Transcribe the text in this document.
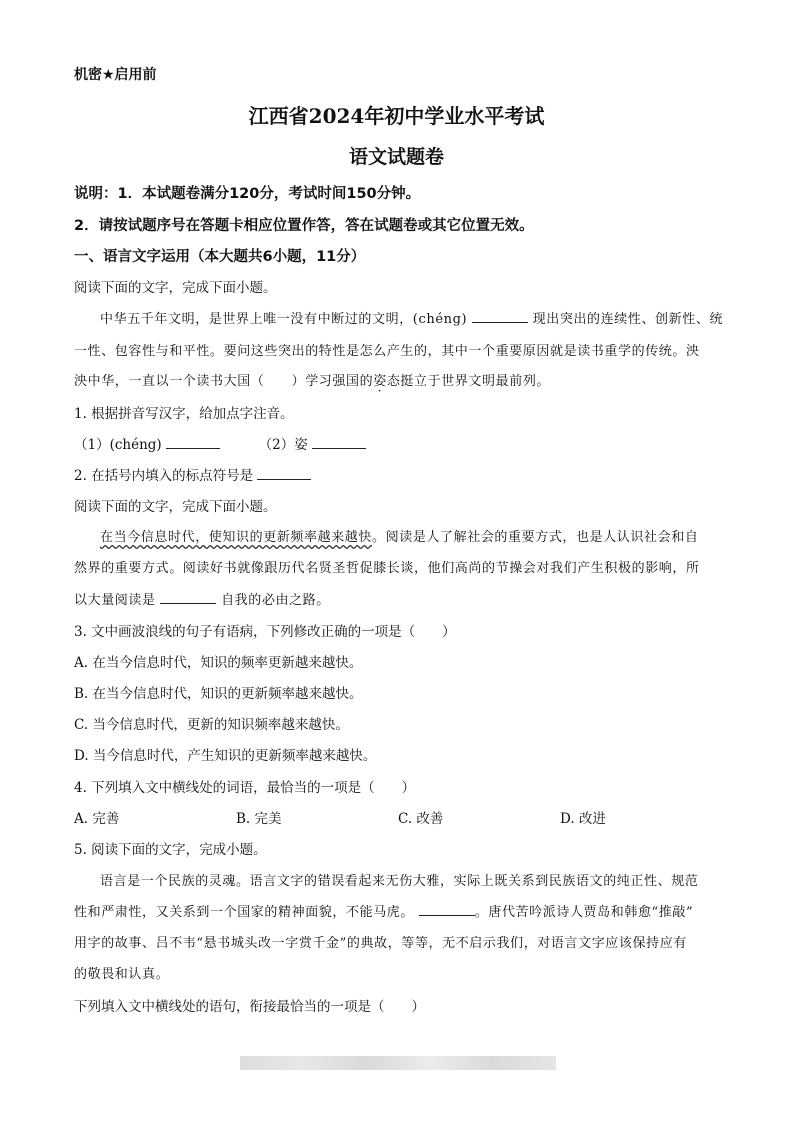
机密★启用前
江西省2024年初中学业水平考试
语文试题卷
说明：1．本试题卷满分120分，考试时间150分钟。
2．请按试题序号在答题卡相应位置作答，答在试题卷或其它位置无效。
一、语言文字运用（本大题共6小题，11分）
阅读下面的文字，完成下面小题。
中华五千年文明，是世界上唯一没有中断过的文明，(chéng)	现出突出的连续性、创新性、统
一性、包容性与和平性。要问这些突出的特性是怎么产生的，其中一个重要原因就是读书重学的传统。泱
泱中华，一直以一个读书大国（　　）学习强国的姿态挺立于世界文明最前列。
1. 根据拼音写汉字，给加点字注音。
（1）(chéng)	（2）姿
2. 在括号内填入的标点符号是
阅读下面的文字，完成下面小题。
在当今信息时代，使知识的更新频率越来越快。阅读是人了解社会的重要方式，也是人认识社会和自
然界的重要方式。阅读好书就像跟历代名贤圣哲促膝长谈，他们高尚的节操会对我们产生积极的影响，所
以大量阅读是	自我的必由之路。
3. 文中画波浪线的句子有语病，下列修改正确的一项是（　　）
A. 在当今信息时代，知识的频率更新越来越快。
B. 在当今信息时代，知识的更新频率越来越快。
C. 当今信息时代，更新的知识频率越来越快。
D. 当今信息时代，产生知识的更新频率越来越快。
4. 下列填入文中横线处的词语，最恰当的一项是（　　）
A. 完善	B. 完美	C. 改善	D. 改进
5. 阅读下面的文字，完成小题。
语言是一个民族的灵魂。语言文字的错误看起来无伤大雅，实际上既关系到民族语文的纯正性、规范
性和严肃性，又关系到一个国家的精神面貌，不能马虎。	。唐代苦吟派诗人贾岛和韩愈“推敲”
用字的故事、吕不韦“悬书城头改一字赏千金”的典故，等等，无不启示我们，对语言文字应该保持应有
的敬畏和认真。
下列填入文中横线处的语句，衔接最恰当的一项是（　　）
